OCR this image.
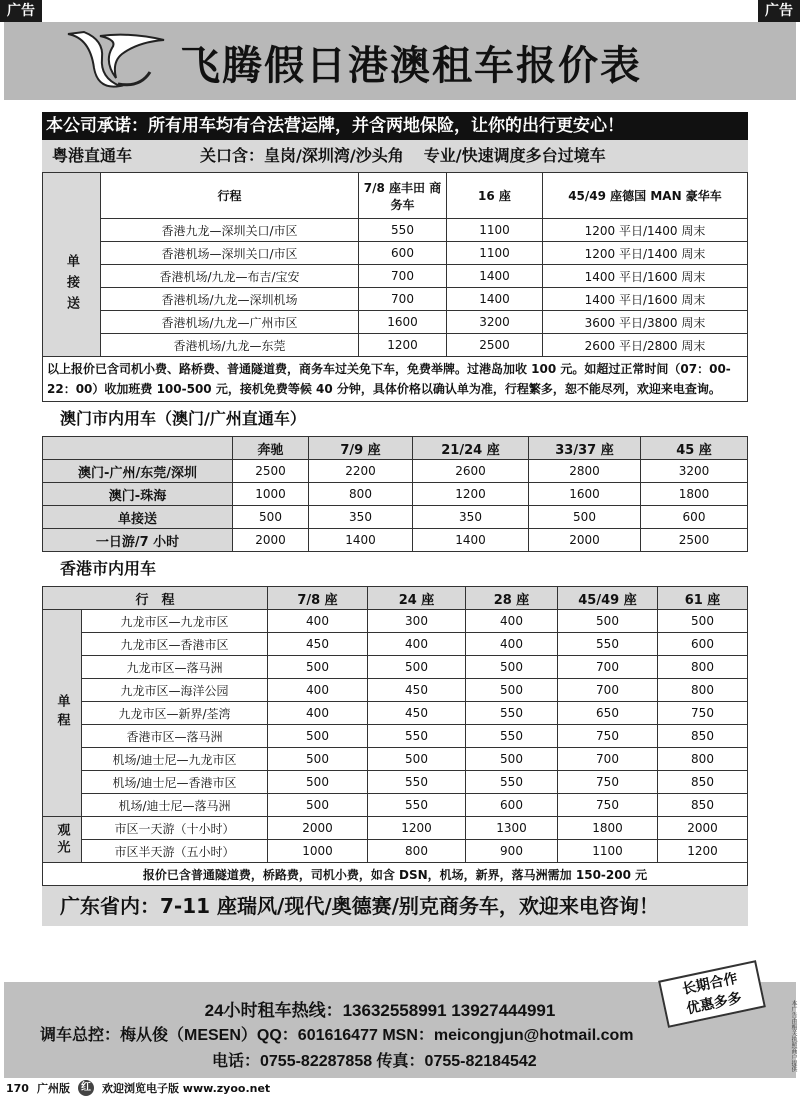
广告	广告
飞腾假日港澳租车报价表
本公司承诺：所有用车均有合法营运牌，并含两地保险，让你的出行更安心！
粤港直通车	关口含：皇岗/深圳湾/沙头角 专业/快速调度多台过境车
单接送	行程	7/8 座丰田 商务车	16 座	45/49 座德国 MAN 豪华车
	香港九龙—深圳关口/市区	550	1100	1200 平日/1400 周末
	香港机场—深圳关口/市区	600	1100	1200 平日/1400 周末
	香港机场/九龙—布吉/宝安	700	1400	1400 平日/1600 周末
	香港机场/九龙—深圳机场	700	1400	1400 平日/1600 周末
	香港机场/九龙—广州市区	1600	3200	3600 平日/3800 周末
	香港机场/九龙—东莞	1200	2500	2600 平日/2800 周末
以上报价已含司机小费、路桥费、普通隧道费，商务车过关免下车，免费举牌。过港岛加收 100 元。如超过正常时间（07：00-22：00）收加班费 100-500 元，接机免费等候 40 分钟，具体价格以确认单为准，行程繁多，恕不能尽列，欢迎来电查询。
澳门市内用车（澳门/广州直通车）
	奔驰	7/9 座	21/24 座	33/37 座	45 座
澳门-广州/东莞/深圳	2500	2200	2600	2800	3200
澳门-珠海	1000	800	1200	1600	1800
单接送	500	350	350	500	600
一日游/7 小时	2000	1400	1400	2000	2500
香港市内用车
行　程		7/8 座	24 座	28 座	45/49 座	61 座
单程	九龙市区—九龙市区	400	300	400	500	500
	九龙市区—香港市区	450	400	400	550	600
	九龙市区—落马洲	500	500	500	700	800
	九龙市区—海洋公园	400	450	500	700	800
	九龙市区—新界/荃湾	400	450	550	650	750
	香港市区—落马洲	500	550	550	750	850
	机场/迪士尼—九龙市区	500	500	500	700	800
	机场/迪士尼—香港市区	500	550	550	750	850
	机场/迪士尼—落马洲	500	550	600	750	850
观光	市区一天游（十小时）	2000	1200	1300	1800	2000
	市区半天游（五小时）	1000	800	900	1100	1200
报价已含普通隧道费，桥路费，司机小费，如含 DSN，机场，新界，落马洲需加 150-200 元						
广东省内：7-11 座瑞风/现代/奥德赛/别克商务车，欢迎来电咨询！
24小时租车热线：13632558991 13927444991
调车总控：梅从俊（MESEN）QQ：601616477 MSN：meicongjun@hotmail.com
电话：0755-82287858 传真：0755-82184542
长期合作
优惠多多	本广告由相关执照商户提供
170 广州版	红 欢迎浏览电子版 www.zyoo.net
